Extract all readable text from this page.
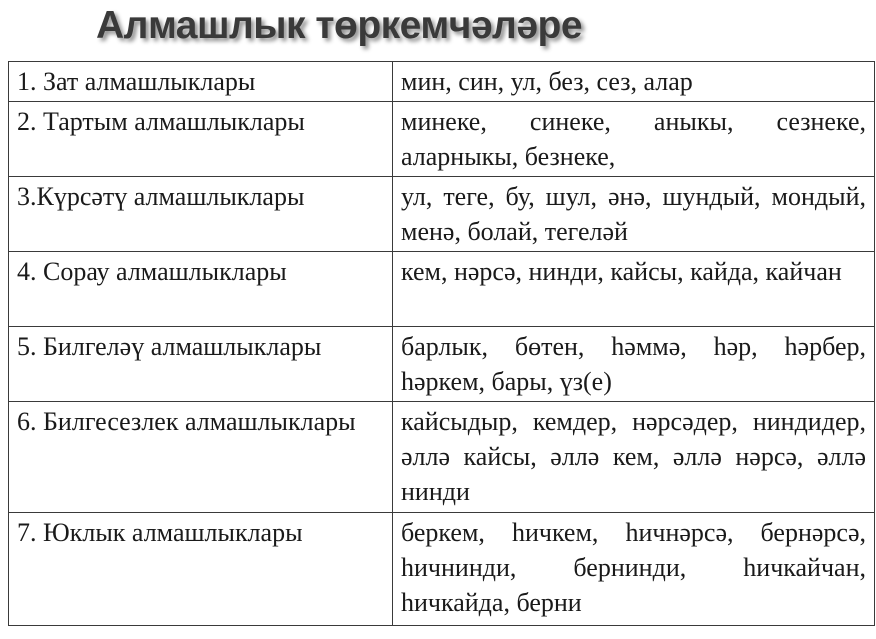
Алмашлык төркемчәләре
1. Зат алмашлыклары	мин, син, ул, без, сез, алар
2. Тартым алмашлыклары	минеке, синеке, аныкы, сезнеке, аларныкы, безнеке,
3.Күрсәтү алмашлыклары	ул, теге, бу, шул, әнә, шундый, мондый, менә, болай, тегеләй
4. Сорау алмашлыклары	кем, нәрсә, нинди, кайсы, кайда, кайчан
5. Билгеләү алмашлыклары	барлык, бөтен, һәммә, һәр, һәрбер, һәркем, бары, үз(е)
6. Билгесезлек алмашлыклары	кайсыдыр, кемдер, нәрсәдер, ниндидер, әллә кайсы, әллә кем, әллә нәрсә, әллә нинди
7. Юклык алмашлыклары	беркем, һичкем, һичнәрсә, бернәрсә, һичнинди, бернинди, һичкайчан, һичкайда, берни
